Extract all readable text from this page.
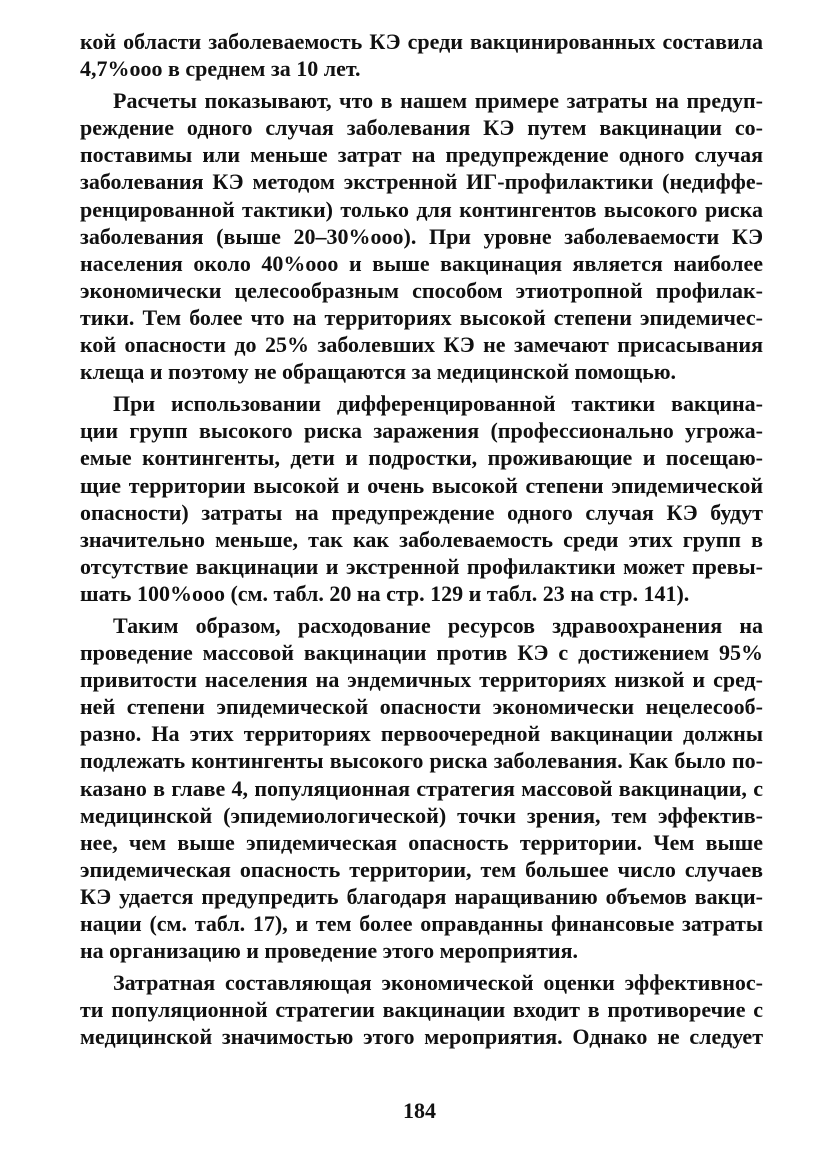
кой области заболеваемость КЭ среди вакцинированных составила
4,7%ооо в среднем за 10 лет.
Расчеты показывают, что в нашем примере затраты на предуп-
реждение одного случая заболевания КЭ путем вакцинации со-
поставимы или меньше затрат на предупреждение одного случая
заболевания КЭ методом экстренной ИГ-профилактики (недиффе-
ренцированной тактики) только для контингентов высокого риска
заболевания (выше 20–30%ооо). При уровне заболеваемости КЭ
населения около 40%ооо и выше вакцинация является наиболее
экономически целесообразным способом этиотропной профилак-
тики. Тем более что на территориях высокой степени эпидемичес-
кой опасности до 25% заболевших КЭ не замечают присасывания
клеща и поэтому не обращаются за медицинской помощью.
При использовании дифференцированной тактики вакцина-
ции групп высокого риска заражения (профессионально угрожа-
емые контингенты, дети и подростки, проживающие и посещаю-
щие территории высокой и очень высокой степени эпидемической
опасности) затраты на предупреждение одного случая КЭ будут
значительно меньше, так как заболеваемость среди этих групп в
отсутствие вакцинации и экстренной профилактики может превы-
шать 100%ооо (см. табл. 20 на стр. 129 и табл. 23 на стр. 141).
Таким образом, расходование ресурсов здравоохранения на
проведение массовой вакцинации против КЭ с достижением 95%
привитости населения на эндемичных территориях низкой и сред-
ней степени эпидемической опасности экономически нецелесооб-
разно. На этих территориях первоочередной вакцинации должны
подлежать контингенты высокого риска заболевания. Как было по-
казано в главе 4, популяционная стратегия массовой вакцинации, с
медицинской (эпидемиологической) точки зрения, тем эффектив-
нее, чем выше эпидемическая опасность территории. Чем выше
эпидемическая опасность территории, тем большее число случаев
КЭ удается предупредить благодаря наращиванию объемов вакци-
нации (см. табл. 17), и тем более оправданны финансовые затраты
на организацию и проведение этого мероприятия.
Затратная составляющая экономической оценки эффективнос-
ти популяционной стратегии вакцинации входит в противоречие с
медицинской значимостью этого мероприятия. Однако не следует
184
